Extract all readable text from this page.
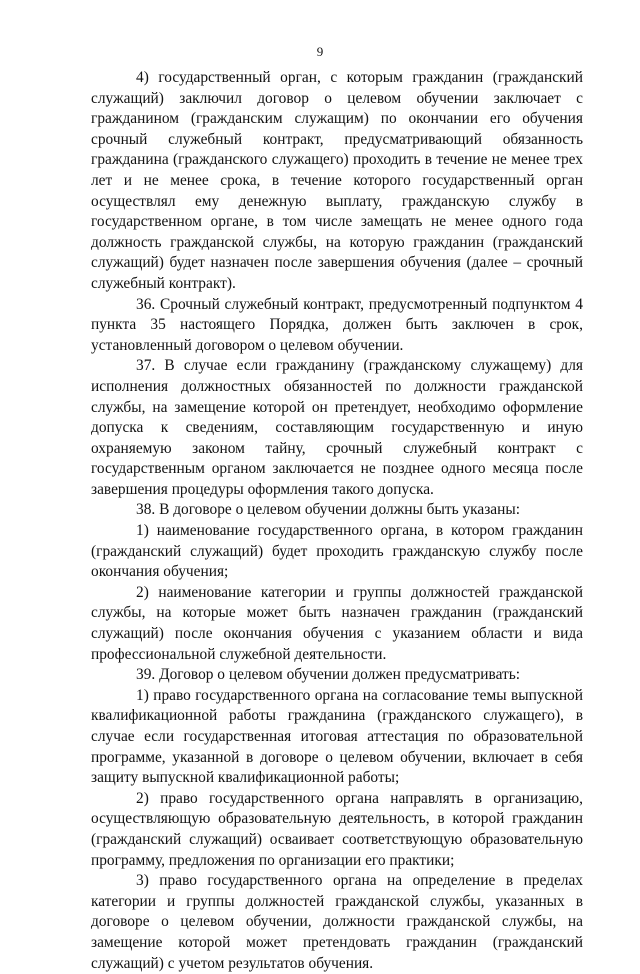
9

4) государственный орган, с которым гражданин (гражданский служащий) заключил договор о целевом обучении заключает с гражданином (гражданским служащим) по окончании его обучения срочный служебный контракт, предусматривающий обязанность гражданина (гражданского служащего) проходить в течение не менее трех лет и не менее срока, в течение которого государственный орган осуществлял ему денежную выплату, гражданскую службу в государственном органе, в том числе замещать не менее одного года должность гражданской службы, на которую гражданин (гражданский служащий) будет назначен после завершения обучения (далее – срочный служебный контракт).

36. Срочный служебный контракт, предусмотренный подпунктом 4 пункта 35 настоящего Порядка, должен быть заключен в срок, установленный договором о целевом обучении.

37. В случае если гражданину (гражданскому служащему) для исполнения должностных обязанностей по должности гражданской службы, на замещение которой он претендует, необходимо оформление допуска к сведениям, составляющим государственную и иную охраняемую законом тайну, срочный служебный контракт с государственным органом заключается не позднее одного месяца после завершения процедуры оформления такого допуска.

38. В договоре о целевом обучении должны быть указаны:

1) наименование государственного органа, в котором гражданин (гражданский служащий) будет проходить гражданскую службу после окончания обучения;

2) наименование категории и группы должностей гражданской службы, на которые может быть назначен гражданин (гражданский служащий) после окончания обучения с указанием области и вида профессиональной служебной деятельности.

39. Договор о целевом обучении должен предусматривать:

1) право государственного органа на согласование темы выпускной квалификационной работы гражданина (гражданского служащего), в случае если государственная итоговая аттестация по образовательной программе, указанной в договоре о целевом обучении, включает в себя защиту выпускной квалификационной работы;

2) право государственного органа направлять в организацию, осуществляющую образовательную деятельность, в которой гражданин (гражданский служащий) осваивает соответствующую образовательную программу, предложения по организации его практики;

3) право государственного органа на определение в пределах категории и группы должностей гражданской службы, указанных в договоре о целевом обучении, должности гражданской службы, на замещение которой может претендовать гражданин (гражданский служащий) с учетом результатов обучения.
